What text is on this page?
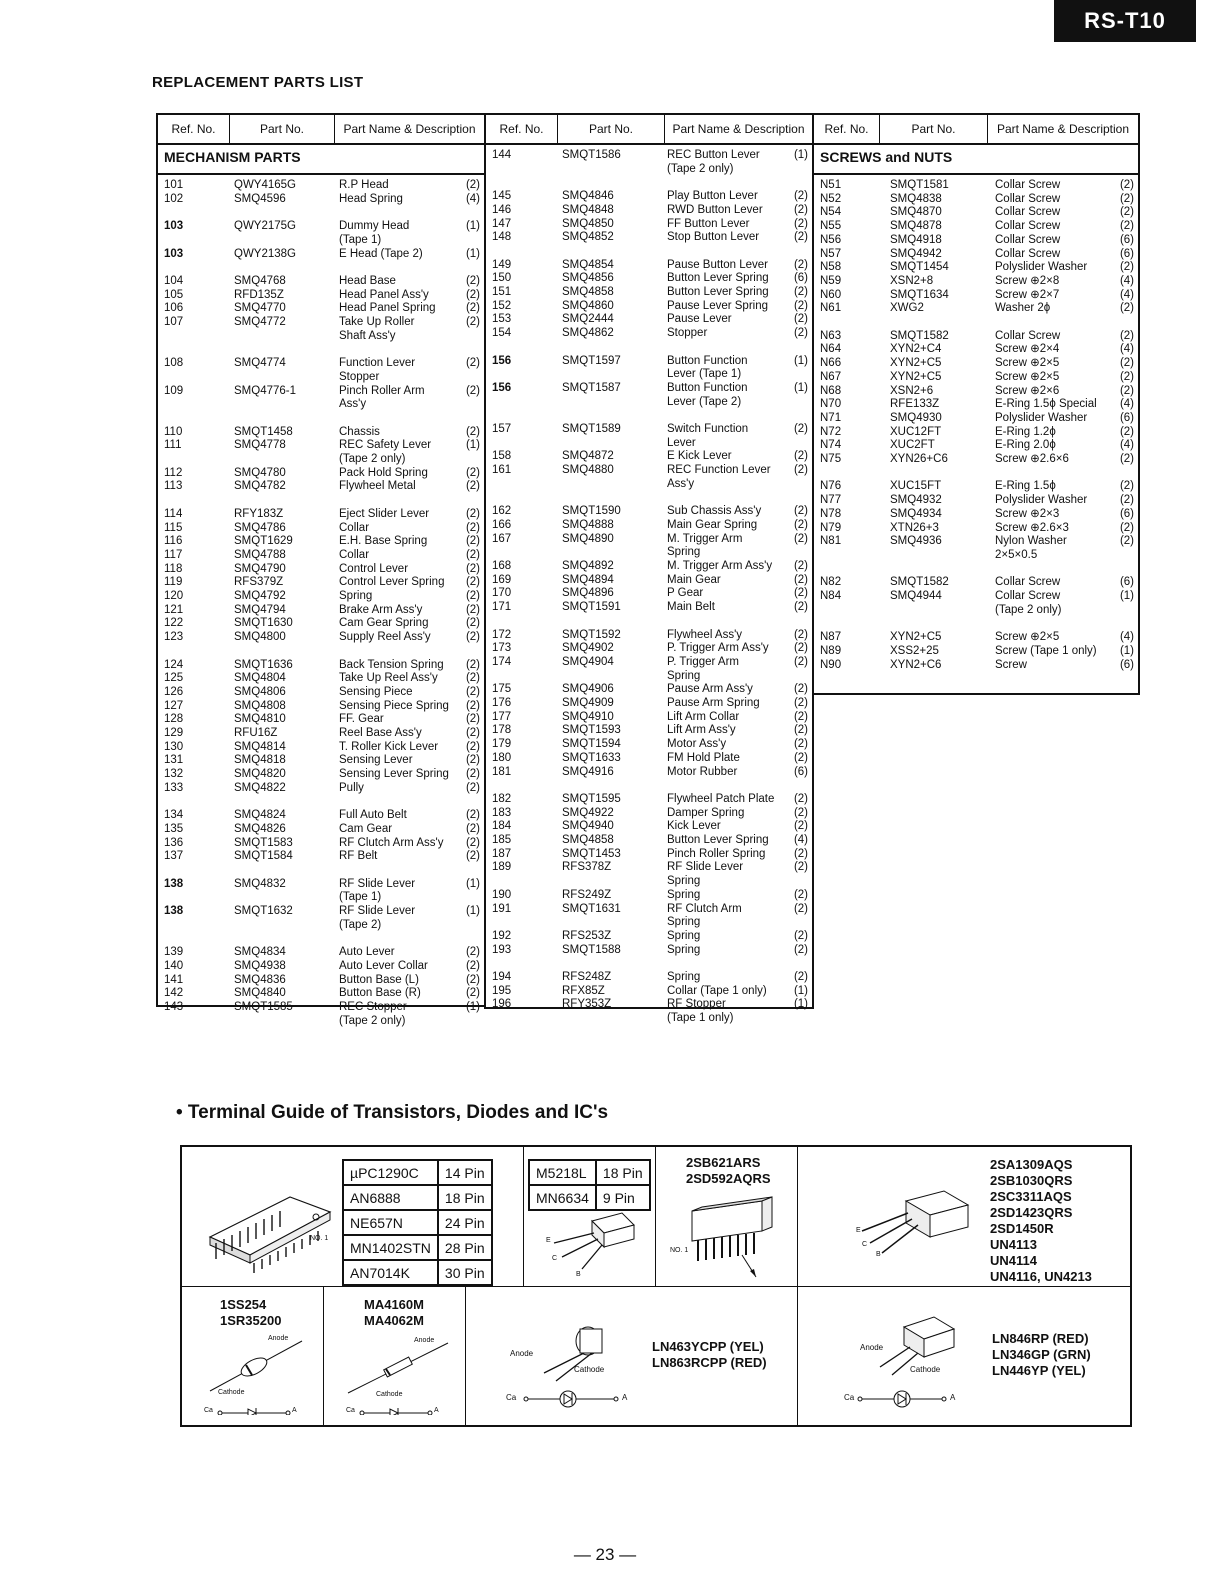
RS-T10
REPLACEMENT PARTS LIST
Ref. No.	Part No.	Part Name & Description
MECHANISM PARTS
101	QWY4165G	R.P Head	(2)
102	SMQ4596	Head Spring	(4)
103	QWY2175G	Dummy Head	(1)
(Tape 1)
103	QWY2138G	E Head (Tape 2)	(1)
104	SMQ4768	Head Base	(2)
105	RFD135Z	Head Panel Ass'y	(2)
106	SMQ4770	Head Panel Spring	(2)
107	SMQ4772	Take Up Roller	(2)
Shaft Ass'y
108	SMQ4774	Function Lever	(2)
Stopper
109	SMQ4776-1	Pinch Roller Arm	(2)
Ass'y
110	SMQT1458	Chassis	(2)
111	SMQ4778	REC Safety Lever	(1)
(Tape 2 only)
112	SMQ4780	Pack Hold Spring	(2)
113	SMQ4782	Flywheel Metal	(2)
114	RFY183Z	Eject Slider Lever	(2)
115	SMQ4786	Collar	(2)
116	SMQT1629	E.H. Base Spring	(2)
117	SMQ4788	Collar	(2)
118	SMQ4790	Control Lever	(2)
119	RFS379Z	Control Lever Spring (2)
120	SMQ4792	Spring	(2)
121	SMQ4794	Brake Arm Ass'y	(2)
122	SMQT1630	Cam Gear Spring	(2)
123	SMQ4800	Supply Reel Ass'y	(2)
124	SMQT1636	Back Tension Spring (2)
125	SMQ4804	Take Up Reel Ass'y (2)
126	SMQ4806	Sensing Piece	(2)
127	SMQ4808	Sensing Piece Spring (2)
128	SMQ4810	FF. Gear	(2)
129	RFU16Z	Reel Base Ass'y	(2)
130	SMQ4814	T. Roller Kick Lever (2)
131	SMQ4818	Sensing Lever	(2)
132	SMQ4820	Sensing Lever Spring (2)
133	SMQ4822	Pully	(2)
134	SMQ4824	Full Auto Belt	(2)
135	SMQ4826	Cam Gear	(2)
136	SMQT1583	RF Clutch Arm Ass'y (2)
137	SMQT1584	RF Belt	(2)
138	SMQ4832	RF Slide Lever	(1)
(Tape 1)
138	SMQT1632	RF Slide Lever	(1)
(Tape 2)
139	SMQ4834	Auto Lever	(2)
140	SMQ4938	Auto Lever Collar	(2)
141	SMQ4836	Button Base (L)	(2)
142	SMQ4840	Button Base (R)	(2)
143	SMQT1585	REC Stopper	(1)
(Tape 2 only)
Ref. No.	Part No.	Part Name & Description
144	SMQT1586	REC Button Lever	(1)
(Tape 2 only)
145	SMQ4846	Play Button Lever	(2)
146	SMQ4848	RWD Button Lever	(2)
147	SMQ4850	FF Button Lever	(2)
148	SMQ4852	Stop Button Lever	(2)
149	SMQ4854	Pause Button Lever (2)
150	SMQ4856	Button Lever Spring (6)
151	SMQ4858	Button Lever Spring (2)
152	SMQ4860	Pause Lever Spring (2)
153	SMQ2444	Pause Lever	(2)
154	SMQ4862	Stopper	(2)
156	SMQT1597	Button Function	(1)
Lever (Tape 1)
156	SMQT1587	Button Function	(1)
Lever (Tape 2)
157	SMQT1589	Switch Function	(2)
Lever
158	SMQ4872	E Kick Lever	(2)
161	SMQ4880	REC Function Lever (2)
Ass'y
162	SMQT1590	Sub Chassis Ass'y	(2)
166	SMQ4888	Main Gear Spring	(2)
167	SMQ4890	M. Trigger Arm	(2)
Spring
168	SMQ4892	M. Trigger Arm Ass'y (2)
169	SMQ4894	Main Gear	(2)
170	SMQ4896	P Gear	(2)
171	SMQT1591	Main Belt	(2)
172	SMQT1592	Flywheel Ass'y	(2)
173	SMQ4902	P. Trigger Arm Ass'y (2)
174	SMQ4904	P. Trigger Arm	(2)
Spring
175	SMQ4906	Pause Arm Ass'y	(2)
176	SMQ4909	Pause Arm Spring	(2)
177	SMQ4910	Lift Arm Collar	(2)
178	SMQT1593	Lift Arm Ass'y	(2)
179	SMQT1594	Motor Ass'y	(2)
180	SMQT1633	FM Hold Plate	(2)
181	SMQ4916	Motor Rubber	(6)
182	SMQT1595	Flywheel Patch Plate (2)
183	SMQ4922	Damper Spring	(2)
184	SMQ4940	Kick Lever	(2)
185	SMQ4858	Button Lever Spring (4)
187	SMQT1453	Pinch Roller Spring (2)
189	RFS378Z	RF Slide Lever	(2)
Spring
190	RFS249Z	Spring	(2)
191	SMQT1631	RF Clutch Arm	(2)
Spring
192	RFS253Z	Spring	(2)
193	SMQT1588	Spring	(2)
194	RFS248Z	Spring	(2)
195	RFX85Z	Collar (Tape 1 only) (1)
196	RFY353Z	RF Stopper	(1)
(Tape 1 only)
Ref. No.	Part No.	Part Name & Description
SCREWS and NUTS
N51	SMQT1581	Collar Screw	(2)
N52	SMQ4838	Collar Screw	(2)
N54	SMQ4870	Collar Screw	(2)
N55	SMQ4878	Collar Screw	(2)
N56	SMQ4918	Collar Screw	(6)
N57	SMQ4942	Collar Screw	(6)
N58	SMQT1454	Polyslider Washer	(2)
N59	XSN2+8	Screw ⊕2×8	(4)
N60	SMQT1634	Screw ⊕2×7	(4)
N61	XWG2	Washer 2ϕ	(2)
N63	SMQT1582	Collar Screw	(2)
N64	XYN2+C4	Screw ⊕2×4	(4)
N66	XYN2+C5	Screw ⊕2×5	(2)
N67	XYN2+C5	Screw ⊕2×5	(2)
N68	XSN2+6	Screw ⊕2×6	(2)
N70	RFE133Z	E-Ring 1.5ϕ Special (4)
N71	SMQ4930	Polyslider Washer	(6)
N72	XUC12FT	E-Ring 1.2ϕ	(2)
N74	XUC2FT	E-Ring 2.0ϕ	(4)
N75	XYN26+C6	Screw ⊕2.6×6	(2)
N76	XUC15FT	E-Ring 1.5ϕ	(2)
N77	SMQ4932	Polyslider Washer	(2)
N78	SMQ4934	Screw ⊕2×3	(6)
N79	XTN26+3	Screw ⊕2.6×3	(2)
N81	SMQ4936	Nylon Washer	(2)
2×5×0.5
N82	SMQT1582	Collar Screw	(6)
N84	SMQ4944	Collar Screw	(1)
(Tape 2 only)
N87	XYN2+C5	Screw ⊕2×5	(4)
N89	XSS2+25	Screw (Tape 1 only) (1)
N90	XYN2+C6	Screw	(6)
• Terminal Guide of Transistors, Diodes and IC's
NO. 1
µPC1290C	14 Pin
AN6888	18 Pin
NE657N	24 Pin
MN1402STN	28 Pin
AN7014K	30 Pin
M5218L	18 Pin
MN6634	9 Pin
E
C
B
2SB621ARS
2SD592AQRS
NO. 1
E
C
B
2SA1309AQS
2SB1030QRS
2SC3311AQS
2SD1423QRS
2SD1450R
UN4113
UN4114
UN4116, UN4213
1SS254
1SR35200
Anode
Cathode
Ca	A
MA4160M
MA4062M
Anode
Cathode
Ca	A
Anode
Cathode
Ca	A
LN463YCPP (YEL)
LN863RCPP (RED)
Anode
Cathode
Ca	A
LN846RP (RED)
LN346GP (GRN)
LN446YP (YEL)
— 23 —
